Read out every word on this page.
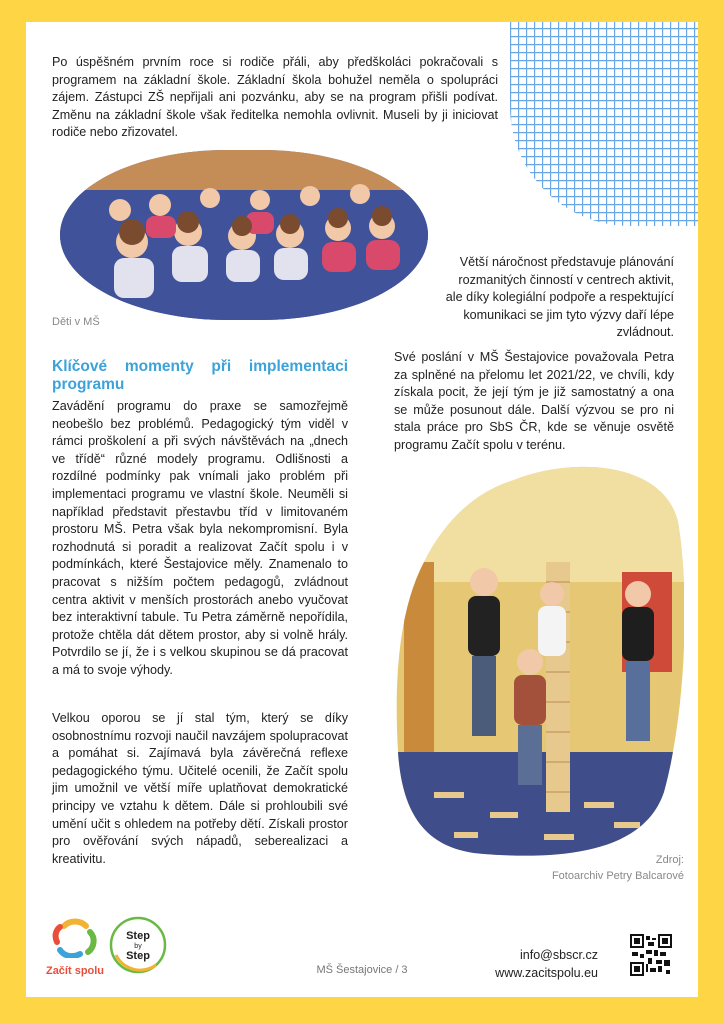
Po úspěšném prvním roce si rodiče přáli, aby předškoláci pokračovali s programem na základní škole. Základní škola bohužel neměla o spolupráci zájem. Zástupci ZŠ nepřijali ani pozvánku, aby se na program přišli podívat. Změnu na základní škole však ředitelka nemohla ovlivnit. Museli by ji iniciovat rodiče nebo zřizovatel.

Děti v MŠ
Klíčové momenty při implementaci programu

Zavádění programu do praxe se samozřejmě neobešlo bez problémů. Pedagogický tým viděl v rámci proškolení a při svých návštěvách na „dnech ve třídě“ různé modely programu. Odlišnosti a rozdílné podmínky pak vnímali jako problém při implementaci programu ve vlastní škole. Neuměli si například představit přestavbu tříd v limitovaném prostoru MŠ. Petra však byla nekompromisní. Byla rozhodnutá si poradit a realizovat Začít spolu i v podmínkách, které Šestajovice měly. Znamenalo to pracovat s nižším počtem pedagogů, zvládnout centra aktivit v menších prostorách anebo vyučovat bez interaktivní tabule. Tu Petra záměrně nepořídila, protože chtěla dát dětem prostor, aby si volně hrály. Potvrdilo se jí, že i s velkou skupinou se dá pracovat a má to svoje výhody.

Velkou oporou se jí stal tým, který se díky osobnostnímu rozvoji naučil navzájem spolupracovat a pomáhat si. Zajímavá byla závěrečná reflexe pedagogického týmu. Učitelé ocenili, že Začít spolu jim umožnil ve větší míře uplatňovat demokratické principy ve vztahu k dětem. Dále si prohloubili své umění učit s ohledem na potřeby dětí. Získali prostor pro ověřování svých nápadů, seberealizaci a kreativitu.

Větší náročnost představuje plánování rozmanitých činností v centrech aktivit, ale díky kolegiální podpoře a respektující komunikaci se jim tyto výzvy daří lépe zvládnout.

Své poslání v MŠ Šestajovice považovala Petra za splněné na přelomu let 2021/22, ve chvíli, kdy získala pocit, že její tým je již samostatný a ona se může posunout dále. Další výzvou se pro ni stala práce pro SbS ČR, kde se věnuje osvětě programu Začít spolu v terénu.

Zdroj:
Fotoarchiv Petry Balcarové
Začít spolu
Step
by
Step
MŠ Šestajovice / 3
info@sbscr.cz
www.zacitspolu.eu
